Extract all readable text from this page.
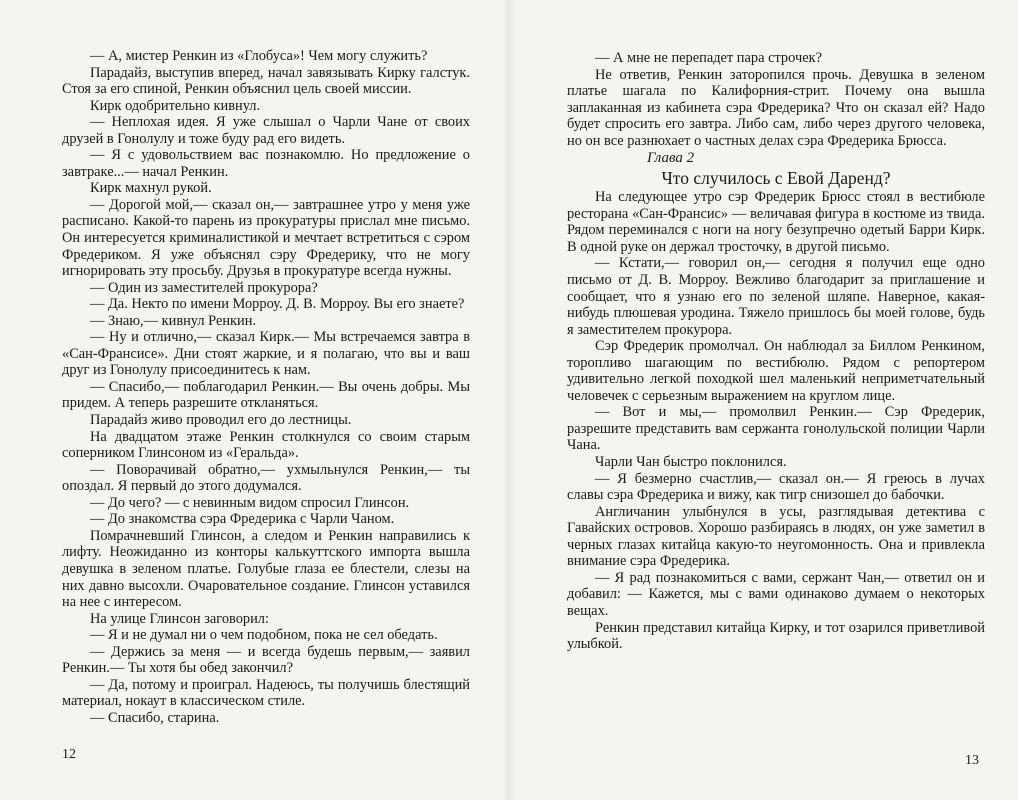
— А, мистер Ренкин из «Глобуса»! Чем могу служить?

Парадайз, выступив вперед, начал завязывать Кирку галстук. Стоя за его спиной, Ренкин объяснил цель своей миссии.

Кирк одобрительно кивнул.

— Неплохая идея. Я уже слышал о Чарли Чане от своих друзей в Гонолулу и тоже буду рад его видеть.

— Я с удовольствием вас познакомлю. Но предложение о завтраке...— начал Ренкин.

Кирк махнул рукой.

— Дорогой мой,— сказал он,— завтрашнее утро у меня уже расписано. Какой-то парень из прокуратуры прислал мне письмо. Он интересуется криминалистикой и мечтает встретиться с сэром Фредериком. Я уже объяснял сэру Фредерику, что не могу игнорировать эту просьбу. Друзья в прокуратуре всегда нужны.

— Один из заместителей прокурора?

— Да. Некто по имени Морроу. Д. В. Морроу. Вы его знаете?

— Знаю,— кивнул Ренкин.

— Ну и отлично,— сказал Кирк.— Мы встречаемся завтра в «Сан-Франсисе». Дни стоят жаркие, и я полагаю, что вы и ваш друг из Гонолулу присоединитесь к нам.

— Спасибо,— поблагодарил Ренкин.— Вы очень добры. Мы придем. А теперь разрешите откланяться.

Парадайз живо проводил его до лестницы.

На двадцатом этаже Ренкин столкнулся со своим старым соперником Глинсоном из «Геральда».

— Поворачивай обратно,— ухмыльнулся Ренкин,— ты опоздал. Я первый до этого додумался.

— До чего? — с невинным видом спросил Глинсон.

— До знакомства сэра Фредерика с Чарли Чаном.

Помрачневший Глинсон, а следом и Ренкин направились к лифту. Неожиданно из конторы калькуттского импорта вышла девушка в зеленом платье. Голубые глаза ее блестели, слезы на них давно высохли. Очаровательное создание. Глинсон уставился на нее с интересом.

На улице Глинсон заговорил:

— Я и не думал ни о чем подобном, пока не сел обедать.

— Держись за меня — и всегда будешь первым,— заявил Ренкин.— Ты хотя бы обед закончил?

— Да, потому и проиграл. Надеюсь, ты получишь блестящий материал, нокаут в классическом стиле.

— Спасибо, старина.

12

— А мне не перепадет пара строчек?

Не ответив, Ренкин заторопился прочь. Девушка в зеленом платье шагала по Калифорния-стрит. Почему она вышла заплаканная из кабинета сэра Фредерика? Что он сказал ей? Надо будет спросить его завтра. Либо сам, либо через другого человека, но он все разнюхает о частных делах сэра Фредерика Брюсса.

Глава 2

Что случилось с Евой Даренд?

На следующее утро сэр Фредерик Брюсс стоял в вестибюле ресторана «Сан-Франсис» — величавая фигура в костюме из твида. Рядом переминался с ноги на ногу безупречно одетый Барри Кирк. В одной руке он держал тросточку, в другой письмо.

— Кстати,— говорил он,— сегодня я получил еще одно письмо от Д. В. Морроу. Вежливо благодарит за приглашение и сообщает, что я узнаю его по зеленой шляпе. Наверное, какая-нибудь плюшевая уродина. Тяжело пришлось бы моей голове, будь я заместителем прокурора.

Сэр Фредерик промолчал. Он наблюдал за Биллом Ренкином, торопливо шагающим по вестибюлю. Рядом с репортером удивительно легкой походкой шел маленький неприметчательный человечек с серьезным выражением на круглом лице.

— Вот и мы,— промолвил Ренкин.— Сэр Фредерик, разрешите представить вам сержанта гонолульской полиции Чарли Чана.

Чарли Чан быстро поклонился.

— Я безмерно счастлив,— сказал он.— Я греюсь в лучах славы сэра Фредерика и вижу, как тигр снизошел до бабочки.

Англичанин улыбнулся в усы, разглядывая детектива с Гавайских островов. Хорошо разбираясь в людях, он уже заметил в черных глазах китайца какую-то неугомонность. Она и привлекла внимание сэра Фредерика.

— Я рад познакомиться с вами, сержант Чан,— ответил он и добавил: — Кажется, мы с вами одинаково думаем о некоторых вещах.

Ренкин представил китайца Кирку, и тот озарился приветливой улыбкой.

13
